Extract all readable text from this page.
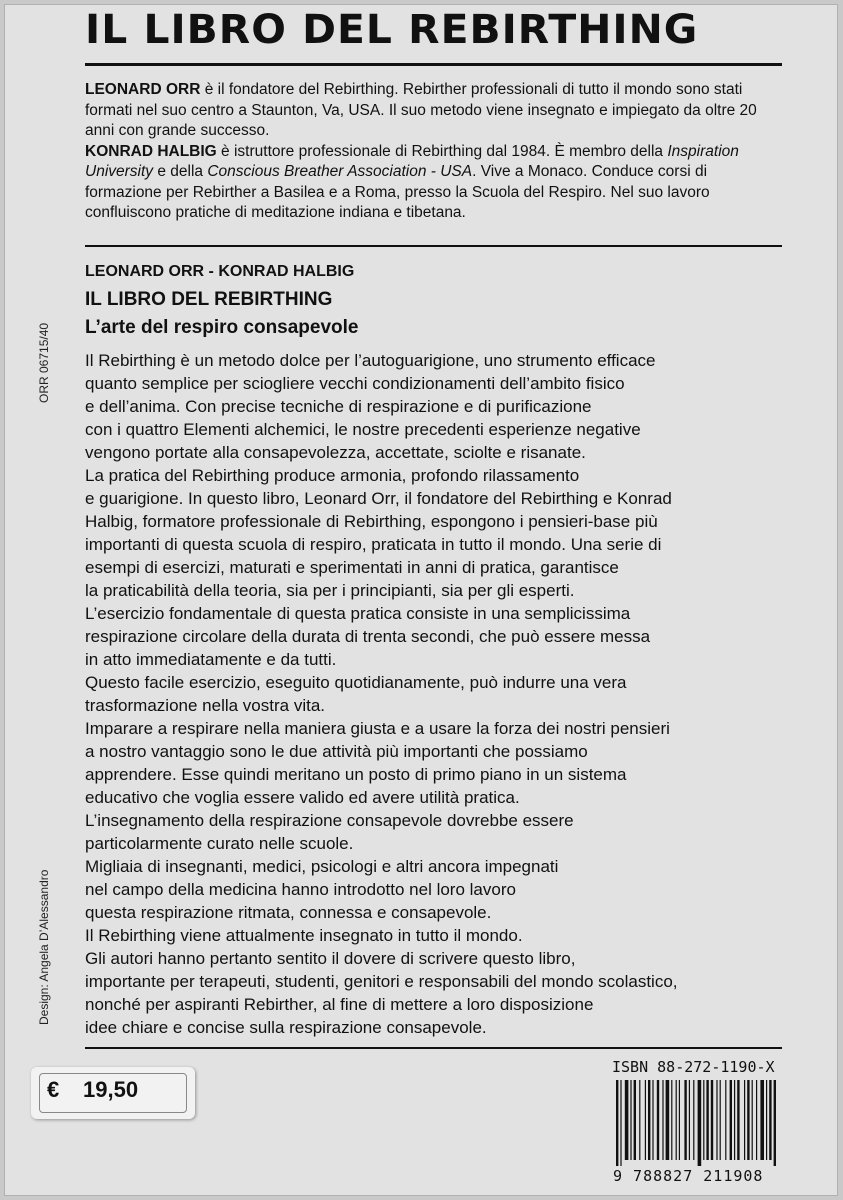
IL LIBRO DEL REBIRTHING

LEONARD ORR è il fondatore del Rebirthing. Rebirther professionali di tutto il mondo sono stati formati nel suo centro a Staunton, Va, USA. Il suo metodo viene insegnato e impiegato da oltre 20 anni con grande successo.

KONRAD HALBIG è istruttore professionale di Rebirthing dal 1984. È membro della Inspiration University e della Conscious Breather Association - USA. Vive a Monaco. Conduce corsi di formazione per Rebirther a Basilea e a Roma, presso la Scuola del Respiro. Nel suo lavoro confluiscono pratiche di meditazione indiana e tibetana.

LEONARD ORR - KONRAD HALBIG
IL LIBRO DEL REBIRTHING
L’arte del respiro consapevole
Il Rebirthing è un metodo dolce per l’autoguarigione, uno strumento efficace
quanto semplice per sciogliere vecchi condizionamenti dell’ambito fisico
e dell’anima. Con precise tecniche di respirazione e di purificazione
con i quattro Elementi alchemici, le nostre precedenti esperienze negative
vengono portate alla consapevolezza, accettate, sciolte e risanate.
La pratica del Rebirthing produce armonia, profondo rilassamento
e guarigione. In questo libro, Leonard Orr, il fondatore del Rebirthing e Konrad
Halbig, formatore professionale di Rebirthing, espongono i pensieri-base più
importanti di questa scuola di respiro, praticata in tutto il mondo. Una serie di
esempi di esercizi, maturati e sperimentati in anni di pratica, garantisce
la praticabilità della teoria, sia per i principianti, sia per gli esperti.
L’esercizio fondamentale di questa pratica consiste in una semplicissima
respirazione circolare della durata di trenta secondi, che può essere messa
in atto immediatamente e da tutti.
Questo facile esercizio, eseguito quotidianamente, può indurre una vera
trasformazione nella vostra vita.
Imparare a respirare nella maniera giusta e a usare la forza dei nostri pensieri
a nostro vantaggio sono le due attività più importanti che possiamo
apprendere. Esse quindi meritano un posto di primo piano in un sistema
educativo che voglia essere valido ed avere utilità pratica.
L’insegnamento della respirazione consapevole dovrebbe essere
particolarmente curato nelle scuole.
Migliaia di insegnanti, medici, psicologi e altri ancora impegnati
nel campo della medicina hanno introdotto nel loro lavoro
questa respirazione ritmata, connessa e consapevole.
Il Rebirthing viene attualmente insegnato in tutto il mondo.
Gli autori hanno pertanto sentito il dovere di scrivere questo libro,
importante per terapeuti, studenti, genitori e responsabili del mondo scolastico,
nonché per aspiranti Rebirther, al fine di mettere a loro disposizione
idee chiare e concise sulla respirazione consapevole.
ORR 06715/40
Design: Angela D’Alessandro
€ 19,50
ISBN 88-272-1190-X
9 788827 211908
